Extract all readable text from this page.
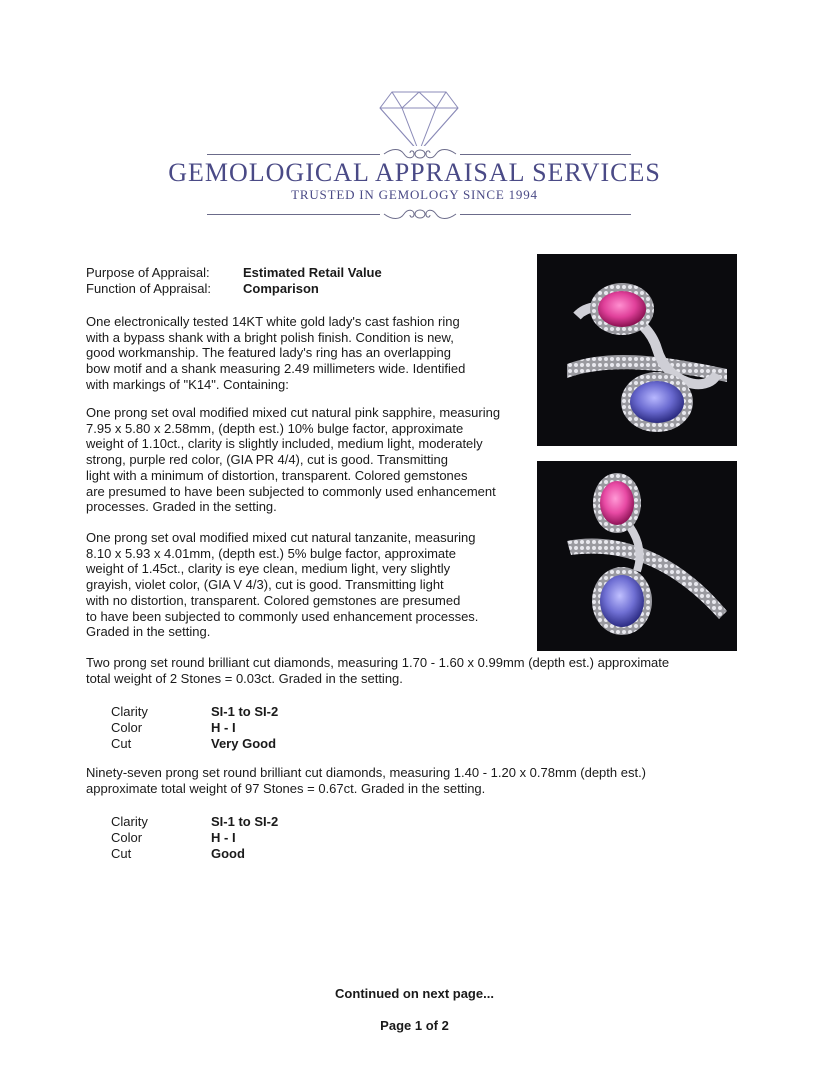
GEMOLOGICAL APPRAISAL SERVICES
TRUSTED IN GEMOLOGY SINCE 1994
Purpose of Appraisal:	Estimated Retail Value
Function of Appraisal:	Comparison

One electronically tested 14KT white gold lady's cast fashion ring
with a bypass shank with a bright polish finish. Condition is new,
good workmanship. The featured lady's ring has an overlapping
bow motif and a shank measuring 2.49 millimeters wide. Identified
with markings of "K14". Containing:

One prong set oval modified mixed cut natural pink sapphire, measuring
7.95 x 5.80 x 2.58mm, (depth est.) 10% bulge factor, approximate
weight of 1.10ct., clarity is slightly included, medium light, moderately
strong, purple red color, (GIA PR 4/4), cut is good. Transmitting
light with a minimum of distortion, transparent. Colored gemstones
are presumed to have been subjected to commonly used enhancement
processes. Graded in the setting.

One prong set oval modified mixed cut natural tanzanite, measuring
8.10 x 5.93 x 4.01mm, (depth est.) 5% bulge factor, approximate
weight of 1.45ct., clarity is eye clean, medium light, very slightly
grayish, violet color, (GIA V 4/3), cut is good. Transmitting light
with no distortion, transparent. Colored gemstones are presumed
to have been subjected to commonly used enhancement processes.
Graded in the setting.

Two prong set round brilliant cut diamonds, measuring 1.70 - 1.60 x 0.99mm (depth est.) approximate
total weight of 2 Stones = 0.03ct. Graded in the setting.

Clarity	SI-1 to SI-2
Color	H - I
Cut	Very Good

Ninety-seven prong set round brilliant cut diamonds, measuring 1.40 - 1.20 x 0.78mm (depth est.)
approximate total weight of 97 Stones = 0.67ct. Graded in the setting.

Clarity	SI-1 to SI-2
Color	H - I
Cut	Good
Continued on next page...
Page 1 of 2
